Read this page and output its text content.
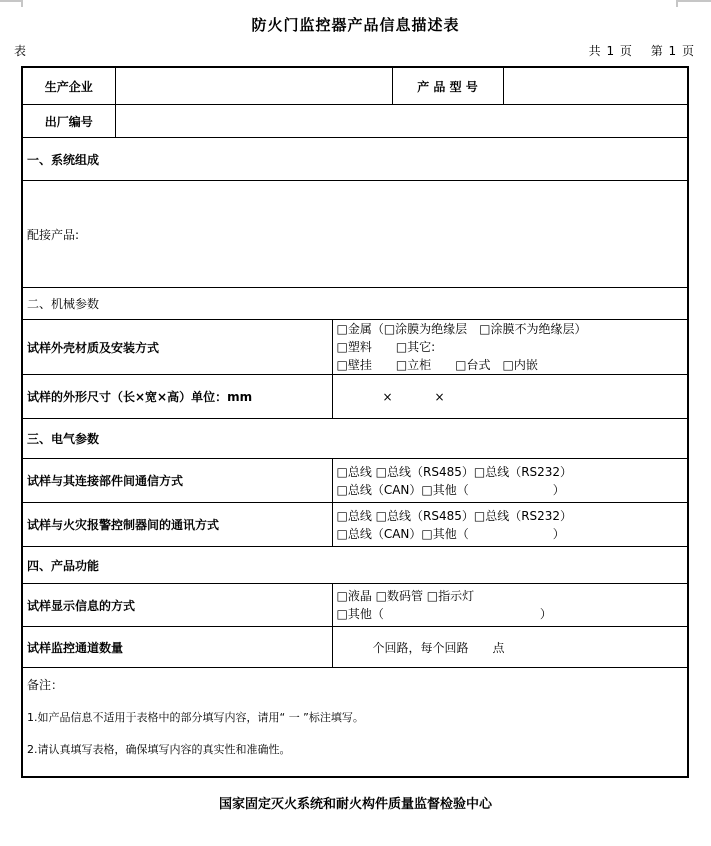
防火门监控器产品信息描述表
表	共 1 页　 第 1 页
生产企业			产 品 型 号	
出厂编号				
一、系统组成				
配接产品:				
二、机械参数				
试样外壳材质及安装方式		□金属（□涂膜为绝缘层　□涂膜不为绝缘层）
□塑料　　□其它:
□壁挂　　□立柜　　□台式　□内嵌		

试样的外形尺寸（长×宽×高）单位：mm		×　　×		

三、电气参数				
试样与其连接部件间通信方式		□总线 □总线（RS485）□总线（RS232）
□总线（CAN）□其他（　　　　　　　）		

试样与火灾报警控制器间的通讯方式		□总线 □总线（RS485）□总线（RS232）
□总线（CAN）□其他（　　　　　　　）		

四、产品功能				
试样显示信息的方式		□液晶 □数码管 □指示灯
□其他（　　　　　　　　　　　　　）		

试样监控通道数量		个回路，每个回路　　点		

备注：

1.如产品信息不适用于表格中的部分填写内容，请用“ 一 ”标注填写。

2.请认真填写表格，确保填写内容的真实性和准确性。				

国家固定灭火系统和耐火构件质量监督检验中心
